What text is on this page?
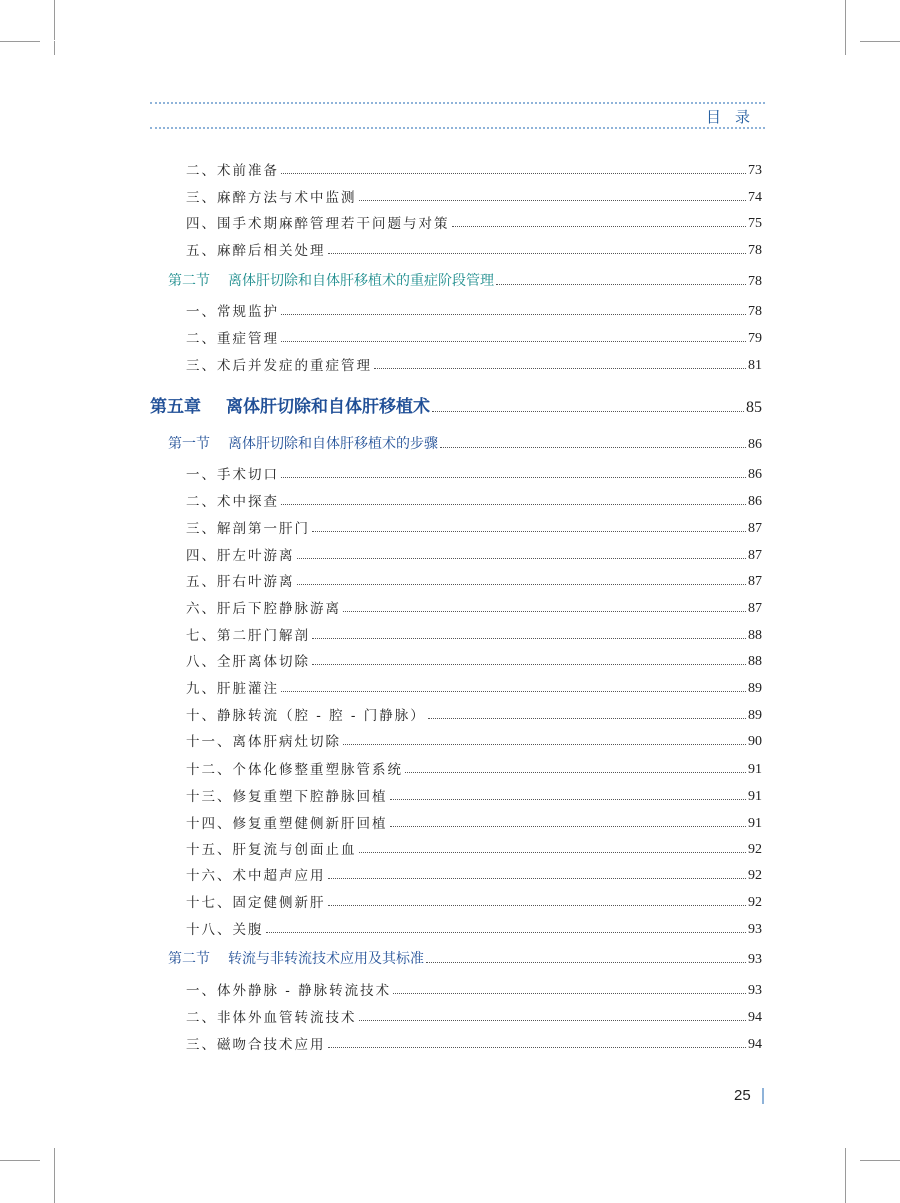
目录
二、术前准备	73
三、麻醉方法与术中监测	74
四、围手术期麻醉管理若干问题与对策	75
五、麻醉后相关处理	78
第二节 离体肝切除和自体肝移植术的重症阶段管理	78
一、常规监护	78
二、重症管理	79
三、术后并发症的重症管理	81
第五章 离体肝切除和自体肝移植术	85
第一节 离体肝切除和自体肝移植术的步骤	86
一、手术切口	86
二、术中探查	86
三、解剖第一肝门	87
四、肝左叶游离	87
五、肝右叶游离	87
六、肝后下腔静脉游离	87
七、第二肝门解剖	88
八、全肝离体切除	88
九、肝脏灌注	89
十、静脉转流（腔 - 腔 - 门静脉）	89
十一、离体肝病灶切除	90
十二、个体化修整重塑脉管系统	91
十三、修复重塑下腔静脉回植	91
十四、修复重塑健侧新肝回植	91
十五、肝复流与创面止血	92
十六、术中超声应用	92
十七、固定健侧新肝	92
十八、关腹	93
第二节 转流与非转流技术应用及其标准	93
一、体外静脉 - 静脉转流技术	93
二、非体外血管转流技术	94
三、磁吻合技术应用	94
25
